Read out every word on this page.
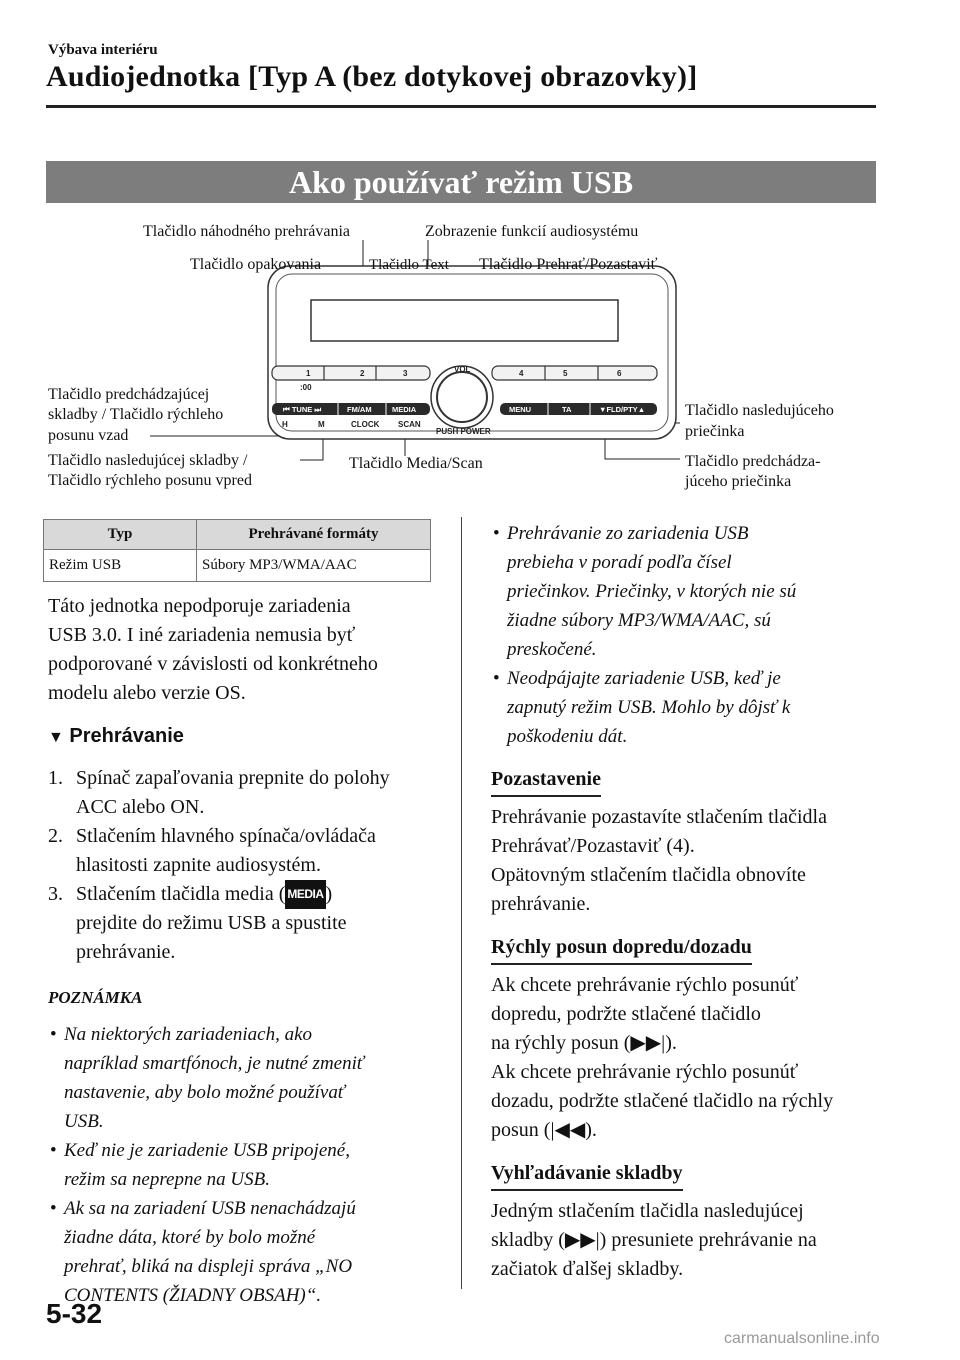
Výbava interiéru
Audiojednotka [Typ A (bez dotykovej obrazovky)]
Ako používať režim USB
1	2	3	4	5	6
:00
⏮ TUNE ⏭	FM/AM	MEDIA	MENU	TA	▼FLD/PTY▲
H	M	CLOCK SCAN
VOL
PUSH POWER
Tlačidlo náhodného prehrávania	Zobrazenie funkcií audiosystému
Tlačidlo opakovania	Tlačidlo Text Tlačidlo Prehrať/Pozastaviť
Tlačidlo predchádzajúcej
skladby / Tlačidlo rýchleho
posunu vzad
Tlačidlo nasledujúcej skladby /
Tlačidlo rýchleho posunu vpred
Tlačidlo Media/Scan
Tlačidlo nasledujúceho
priečinka
Tlačidlo predchádza-
júceho priečinka
Typ	Prehrávané formáty
Režim USB	Súbory MP3/WMA/AAC

Táto jednotka nepodporuje zariadenia

USB 3.0. I iné zariadenia nemusia byť

podporované v závislosti od konkrétneho

modelu alebo verzie OS.

▼ Prehrávanie

1. Spínač zapaľovania prepnite do polohy
ACC alebo ON.
2. Stlačením hlavného spínača/ovládača
hlasitosti zapnite audiosystém.
3. Stlačením tlačidla media ( MEDIA )
prejdite do režimu USB a spustite
prehrávanie.

POZNÁMKA

• Na niektorých zariadeniach, ako
napríklad smartfónoch, je nutné zmeniť
nastavenie, aby bolo možné používať
USB.
• Keď nie je zariadenie USB pripojené,
režim sa neprepne na USB.
• Ak sa na zariadení USB nenachádzajú
žiadne dáta, ktoré by bolo možné
prehrať, bliká na displeji správa „NO
CONTENTS (ŽIADNY OBSAH)“.
• Prehrávanie zo zariadenia USB
prebieha v poradí podľa čísel
priečinkov. Priečinky, v ktorých nie sú
žiadne súbory MP3/WMA/AAC, sú
preskočené.
• Neodpájajte zariadenie USB, keď je
zapnutý režim USB. Mohlo by dôjsť k
poškodeniu dát.
Pozastavenie

Prehrávanie pozastavíte stlačením tlačidla

Prehrávať/Pozastaviť (4).

Opätovným stlačením tlačidla obnovíte

prehrávanie.

Rýchly posun dopredu/dozadu

Ak chcete prehrávanie rýchlo posunúť

dopredu, podržte stlačené tlačidlo

na rýchly posun (▶▶|).

Ak chcete prehrávanie rýchlo posunúť

dozadu, podržte stlačené tlačidlo na rýchly

posun (|◀◀).

Vyhľadávanie skladby

Jedným stlačením tlačidla nasledujúcej

skladby (▶▶|) presuniete prehrávanie na

začiatok ďalšej skladby.

5-32
carmanualsonline.info
